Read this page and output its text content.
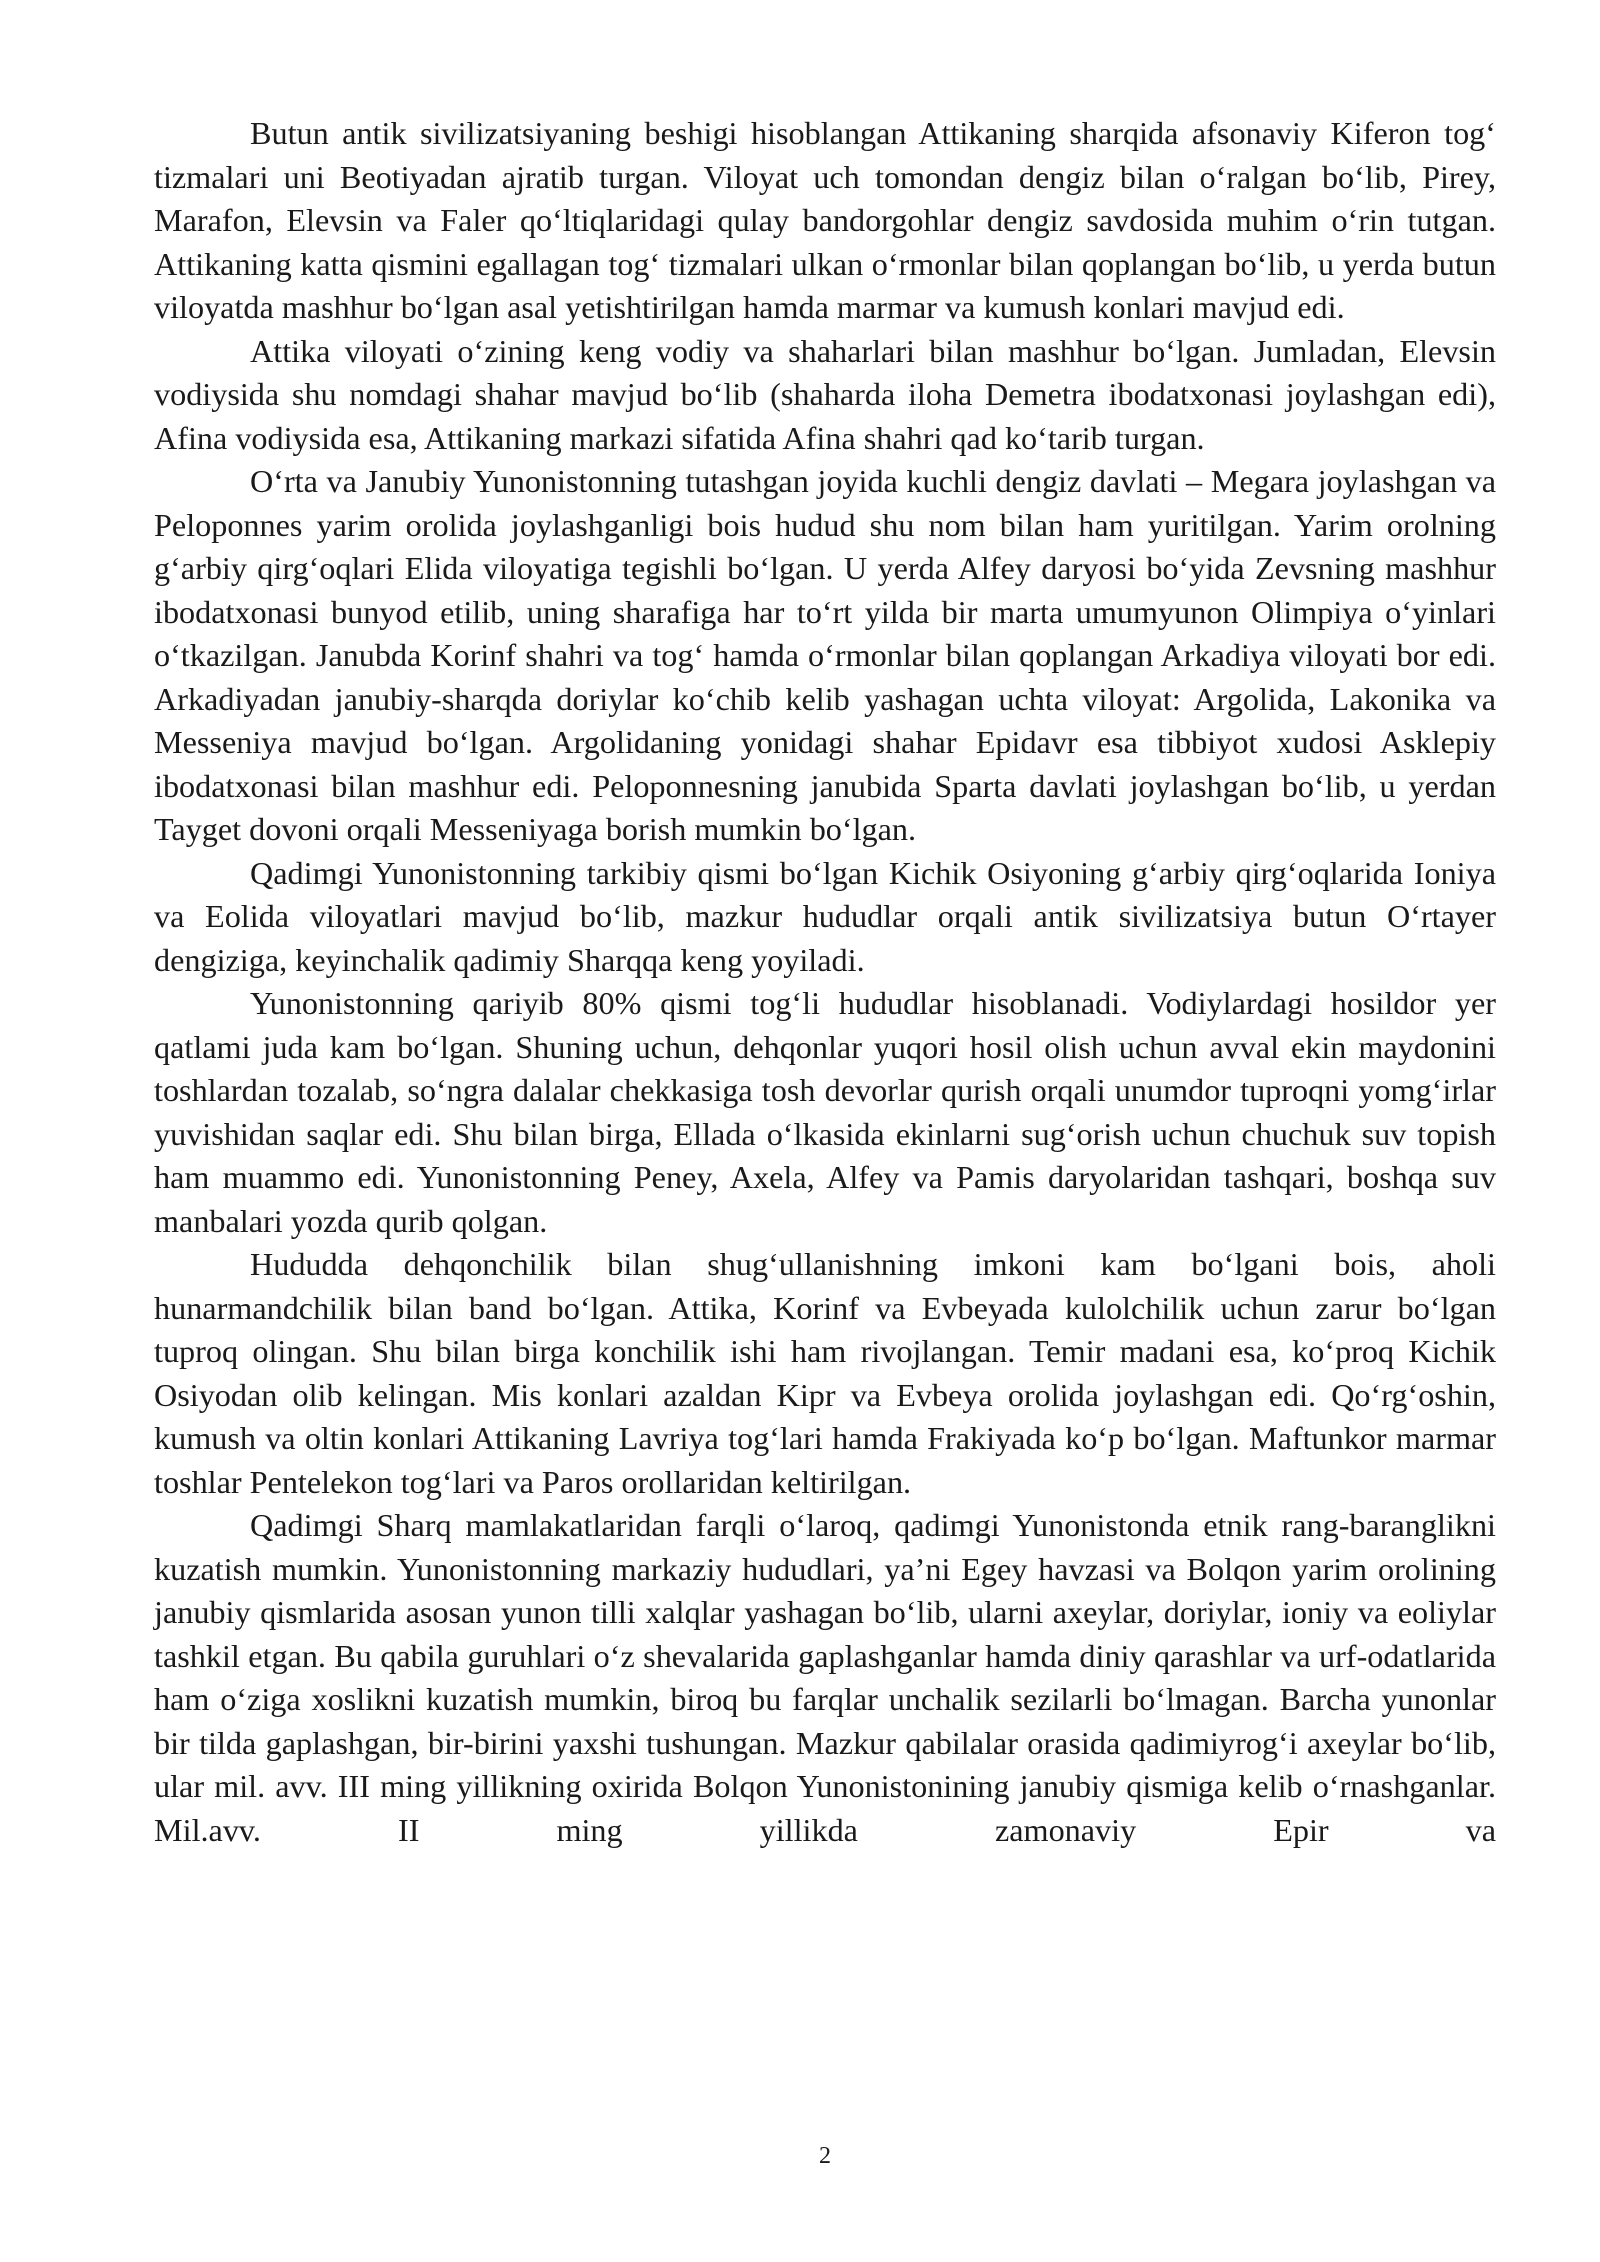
Butun antik sivilizatsiyaning beshigi hisoblangan Attikaning sharqida afsonaviy Kiferon tog‘ tizmalari uni Beotiyadan ajratib turgan. Viloyat uch tomondan dengiz bilan o‘ralgan bo‘lib, Pirey, Marafon, Elevsin va Faler qo‘ltiqlaridagi qulay bandorgohlar dengiz savdosida muhim o‘rin tutgan. Attikaning katta qismini egallagan tog‘ tizmalari ulkan o‘rmonlar bilan qoplangan bo‘lib, u yerda butun viloyatda mashhur bo‘lgan asal yetishtirilgan hamda marmar va kumush konlari mavjud edi.

Attika viloyati o‘zining keng vodiy va shaharlari bilan mashhur bo‘lgan. Jumladan, Elevsin vodiysida shu nomdagi shahar mavjud bo‘lib (shaharda iloha Demetra ibodatxonasi joylashgan edi), Afina vodiysida esa, Attikaning markazi sifatida Afina shahri qad ko‘tarib turgan.

O‘rta va Janubiy Yunonistonning tutashgan joyida kuchli dengiz davlati – Megara joylashgan va Peloponnes yarim orolida joylashganligi bois hudud shu nom bilan ham yuritilgan. Yarim orolning g‘arbiy qirg‘oqlari Elida viloyatiga tegishli bo‘lgan. U yerda Alfey daryosi bo‘yida Zevsning mashhur ibodatxonasi bunyod etilib, uning sharafiga har to‘rt yilda bir marta umumyunon Olimpiya o‘yinlari o‘tkazilgan. Janubda Korinf shahri va tog‘ hamda o‘rmonlar bilan qoplangan Arkadiya viloyati bor edi. Arkadiyadan janubiy-sharqda doriylar ko‘chib kelib yashagan uchta viloyat: Argolida, Lakonika va Messeniya mavjud bo‘lgan. Argolidaning yonidagi shahar Epidavr esa tibbiyot xudosi Asklepiy ibodatxonasi bilan mashhur edi. Peloponnesning janubida Sparta davlati joylashgan bo‘lib, u yerdan Tayget dovoni orqali Messeniyaga borish mumkin bo‘lgan.

Qadimgi Yunonistonning tarkibiy qismi bo‘lgan Kichik Osiyoning g‘arbiy qirg‘oqlarida Ioniya va Eolida viloyatlari mavjud bo‘lib, mazkur hududlar orqali antik sivilizatsiya butun O‘rtayer dengiziga, keyinchalik qadimiy Sharqqa keng yoyiladi.

Yunonistonning qariyib 80% qismi tog‘li hududlar hisoblanadi. Vodiylardagi hosildor yer qatlami juda kam bo‘lgan. Shuning uchun, dehqonlar yuqori hosil olish uchun avval ekin maydonini toshlardan tozalab, so‘ngra dalalar chekkasiga tosh devorlar qurish orqali unumdor tuproqni yomg‘irlar yuvishidan saqlar edi. Shu bilan birga, Ellada o‘lkasida ekinlarni sug‘orish uchun chuchuk suv topish ham muammo edi. Yunonistonning Peney, Axela, Alfey va Pamis daryolaridan tashqari, boshqa suv manbalari yozda qurib qolgan.

Hududda dehqonchilik bilan shug‘ullanishning imkoni kam bo‘lgani bois, aholi hunarmandchilik bilan band bo‘lgan. Attika, Korinf va Evbeyada kulolchilik uchun zarur bo‘lgan tuproq olingan. Shu bilan birga konchilik ishi ham rivojlangan. Temir madani esa, ko‘proq Kichik Osiyodan olib kelingan. Mis konlari azaldan Kipr va Evbeya orolida joylashgan edi. Qo‘rg‘oshin, kumush va oltin konlari Attikaning Lavriya tog‘lari hamda Frakiyada ko‘p bo‘lgan. Maftunkor marmar toshlar Pentelekon tog‘lari va Paros orollaridan keltirilgan.

Qadimgi Sharq mamlakatlaridan farqli o‘laroq, qadimgi Yunonistonda etnik rang-baranglikni kuzatish mumkin. Yunonistonning markaziy hududlari, ya’ni Egey havzasi va Bolqon yarim orolining janubiy qismlarida asosan yunon tilli xalqlar yashagan bo‘lib, ularni axeylar, doriylar, ioniy va eoliylar tashkil etgan. Bu qabila guruhlari o‘z shevalarida gaplashganlar hamda diniy qarashlar va urf-odatlarida ham o‘ziga xoslikni kuzatish mumkin, biroq bu farqlar unchalik sezilarli bo‘lmagan. Barcha yunonlar bir tilda gaplashgan, bir-birini yaxshi tushungan. Mazkur qabilalar orasida qadimiyrog‘i axeylar bo‘lib, ular mil. avv. III ming yillikning oxirida Bolqon Yunonistonining janubiy qismiga kelib o‘rnashganlar. Mil.avv. II ming yillikda zamonaviy Epir va

2
